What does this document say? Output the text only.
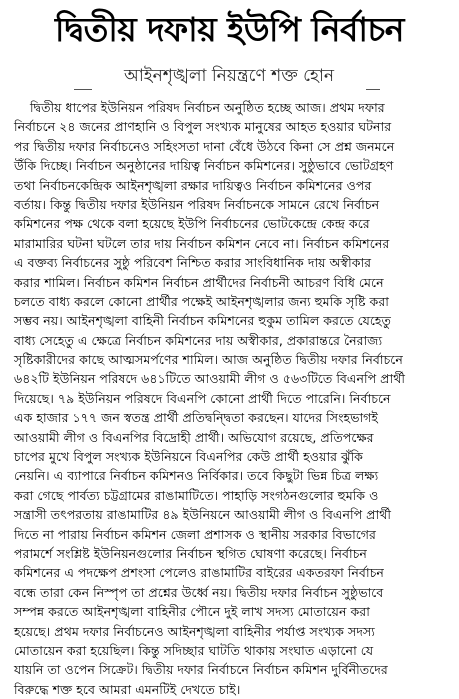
দ্বিতীয় দফায় ইউপি নির্বাচন
আইনশৃঙ্খলা নিয়ন্ত্রণে শক্ত হোন
দ্বিতীয় ধাপের ইউনিয়ন পরিষদ নির্বাচন অনুষ্ঠিত হচ্ছে আজ। প্রথম দফার
নির্বাচনে ২৪ জনের প্রাণহানি ও বিপুল সংখ্যক মানুষের আহত হওয়ার ঘটনার
পর দ্বিতীয় দফার নির্বাচনেও সহিংসতা দানা বেঁধে উঠবে কিনা সে প্রশ্ন জনমনে
উঁকি দিচ্ছে। নির্বাচন অনুষ্ঠানের দায়িত্ব নির্বাচন কমিশনের। সুষ্ঠুভাবে ভোটগ্রহণ
তথা নির্বাচনকেন্দ্রিক আইনশৃঙ্খলা রক্ষার দায়িত্বও নির্বাচন কমিশনের ওপর
বর্তায়। কিন্তু দ্বিতীয় দফার ইউনিয়ন পরিষদ নির্বাচনকে সামনে রেখে নির্বাচন
কমিশনের পক্ষ থেকে বলা হয়েছে ইউপি নির্বাচনের ভোটকেন্দ্রে কেন্দ্র করে
মারামারির ঘটনা ঘটলে তার দায় নির্বাচন কমিশন নেবে না। নির্বাচন কমিশনের
এ বক্তব্য নির্বাচনের সুষ্ঠু পরিবেশ নিশ্চিত করার সাংবিধানিক দায় অস্বীকার
করার শামিল। নির্বাচন কমিশন নির্বাচন প্রার্থীদের নির্বাচনী আচরণ বিধি মেনে
চলতে বাধ্য করলে কোনো প্রার্থীর পক্ষেই আইনশৃঙ্খলার জন্য হুমকি সৃষ্টি করা
সম্ভব নয়। আইনশৃঙ্খলা বাহিনী নির্বাচন কমিশনের হুকুম তামিল করতে যেহেতু
বাধ্য সেহেতু এ ক্ষেত্রে নির্বাচন কমিশনের দায় অস্বীকার, প্রকারান্তরে নৈরাজ্য
সৃষ্টিকারীদের কাছে আত্মসমর্পণের শামিল। আজ অনুষ্ঠিত দ্বিতীয় দফার নির্বাচনে
৬৪২টি ইউনিয়ন পরিষদে ৬৪১টিতে আওয়ামী লীগ ও ৫৬৩টিতে বিএনপি প্রার্থী
দিয়েছে। ৭৯ ইউনিয়ন পরিষদে বিএনপি কোনো প্রার্থী দিতে পারেনি। নির্বাচনে
এক হাজার ১৭৭ জন স্বতন্ত্র প্রার্থী প্রতিদ্বন্দ্বিতা করছেন। যাদের সিংহভাগই
আওয়ামী লীগ ও বিএনপির বিদ্রোহী প্রার্থী। অভিযোগ রয়েছে, প্রতিপক্ষের
চাপের মুখে বিপুল সংখ্যক ইউনিয়নে বিএনপির কেউ প্রার্থী হওয়ার ঝুঁকি
নেয়নি। এ ব্যাপারে নির্বাচন কমিশনও নির্বিকার। তবে কিছুটা ভিন্ন চিত্র লক্ষ্য
করা গেছে পার্বত্য চট্টগ্রামের রাঙামাটিতে। পাহাড়ি সংগঠনগুলোর হুমকি ও
সন্ত্রাসী তৎপরতায় রাঙামাটির ৪৯ ইউনিয়নে আওয়ামী লীগ ও বিএনপি প্রার্থী
দিতে না পারায় নির্বাচন কমিশন জেলা প্রশাসক ও স্থানীয় সরকার বিভাগের
পরামর্শে সংশ্লিষ্ট ইউনিয়নগুলোর নির্বাচন স্থগিত ঘোষণা করেছে। নির্বাচন
কমিশনের এ পদক্ষেপ প্রশংসা পেলেও রাঙামাটির বাইরের একতরফা নির্বাচন
বন্ধে তারা কেন নিস্পৃপ তা প্রশ্নের উর্ধ্বে নয়। দ্বিতীয় দফার নির্বাচন সুষ্ঠুভাবে
সম্পন্ন করতে আইনশৃঙ্খলা বাহিনীর পৌনে দুই লাখ সদস্য মোতায়েন করা
হয়েছে। প্রথম দফার নির্বাচনেও আইনশৃঙ্খলা বাহিনীর পর্যাপ্ত সংখ্যক সদস্য
মোতায়েন করা হয়েছিল। কিন্তু সদিচ্ছার ঘাটতি থাকায় সংঘাত এড়ানো যে
যায়নি তা ওপেন সিক্রেট। দ্বিতীয় দফার নির্বাচনে নির্বাচন কমিশন দুর্বিনীতদের
বিরুদ্ধে শক্ত হবে আমরা এমনটিই দেখতে চাই।
